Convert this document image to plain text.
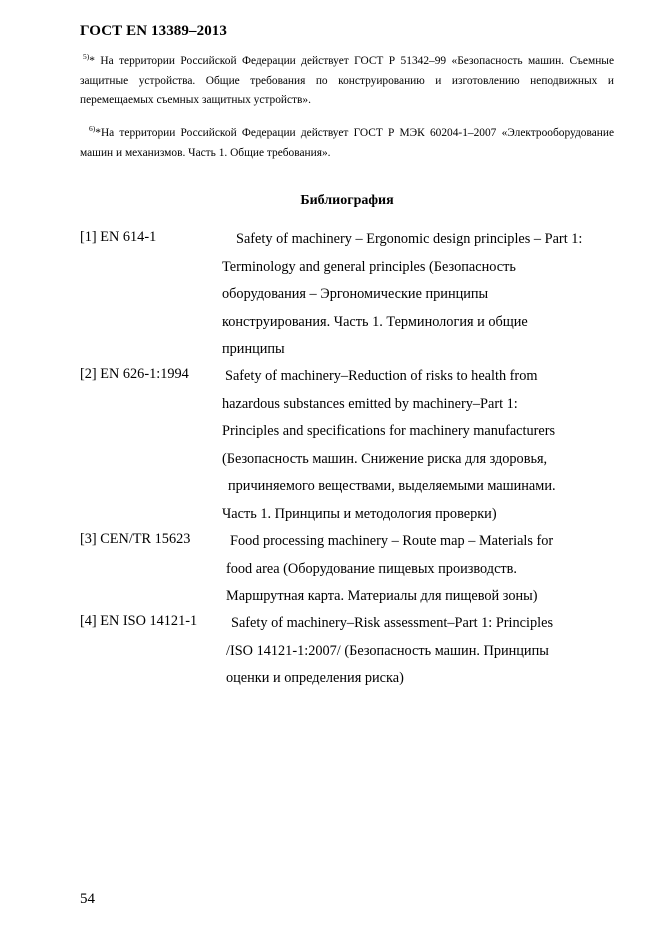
ГОСТ EN 13389–2013
$^{5)}$* На территории Российской Федерации действует ГОСТ Р 51342–99 «Безопасность машин. Съемные защитные устройства. Общие требования по конструированию и изготовлению неподвижных и перемещаемых съемных защитных устройств».
$^{6)}$*На территории Российской Федерации действует ГОСТ Р МЭК 60204-1–2007 «Электрооборудование машин и механизмов. Часть 1. Общие требования».
Библиография
[1] EN 614-1	Safety of machinery – Ergonomic design principles – Part 1:
Terminology and general principles (Безопасность
оборудования – Эргономические принципы
конструирования. Часть 1. Терминология и общие
принципы
[2] EN 626-1:1994	Safety of machinery–Reduction of risks to health from
hazardous substances emitted by machinery–Part 1:
Principles and specifications for machinery manufacturers
(Безопасность машин. Снижение риска для здоровья,
причиняемого веществами, выделяемыми машинами.
Часть 1. Принципы и методология проверки)
[3] CEN/TR 15623	Food processing machinery – Route map – Materials for
food area (Оборудование пищевых производств.
Маршрутная карта. Материалы для пищевой зоны)
[4] EN ISO 14121-1 Safety of machinery–Risk assessment–Part 1: Principles
/ISO 14121-1:2007/ (Безопасность машин. Принципы
оценки и определения риска)
54
